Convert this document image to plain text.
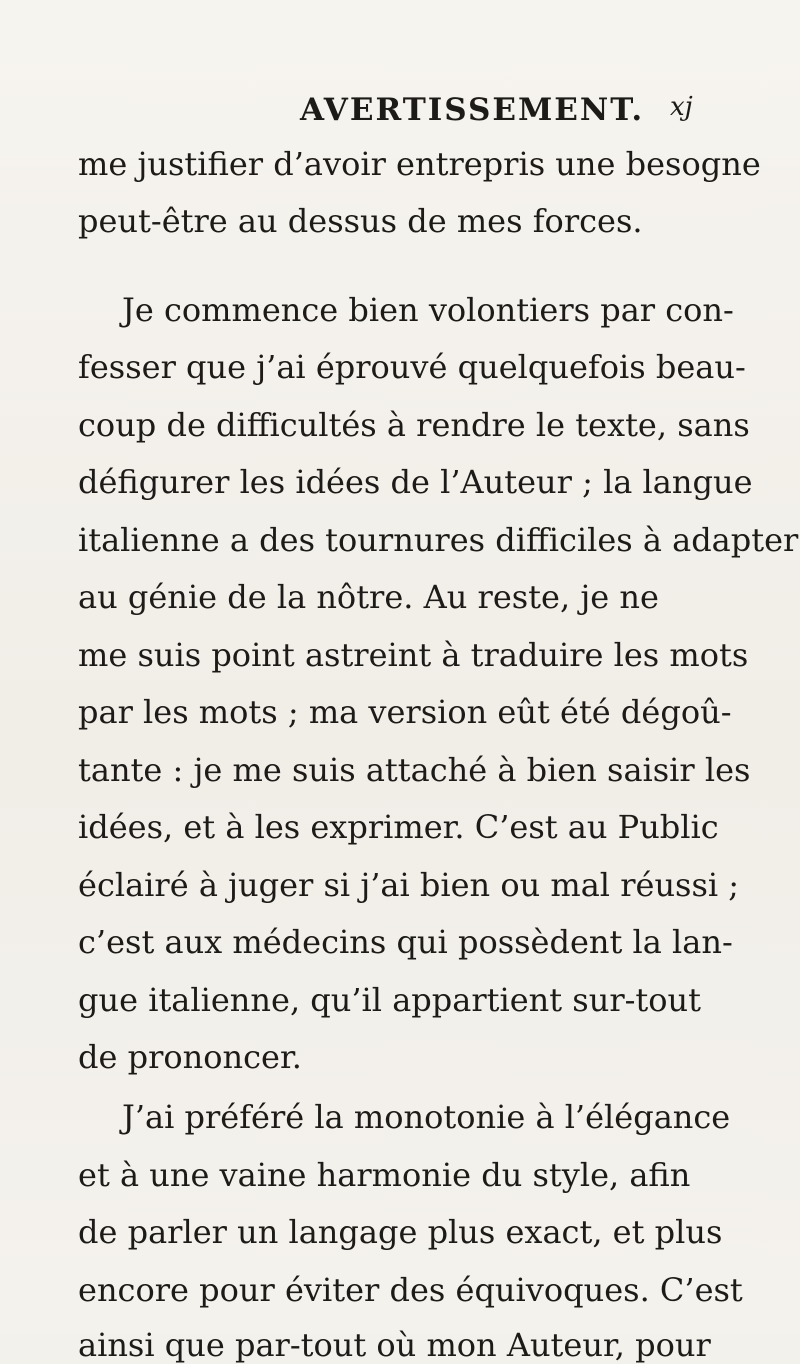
AVERTISSEMENT. xj
me justifier d’avoir entrepris une besogne
peut-être au dessus de mes forces.
Je commence bien volontiers par con-
fesser que j’ai éprouvé quelquefois beau-
coup de difficultés à rendre le texte, sans
défigurer les idées de l’Auteur ; la langue
italienne a des tournures difficiles à adapter
au génie de la nôtre. Au reste, je ne
me suis point astreint à traduire les mots
par les mots ; ma version eût été dégoû-
tante : je me suis attaché à bien saisir les
idées, et à les exprimer. C’est au Public
éclairé à juger si j’ai bien ou mal réussi ;
c’est aux médecins qui possèdent la lan-
gue italienne, qu’il appartient sur-tout
de prononcer.
J’ai préféré la monotonie à l’élégance
et à une vaine harmonie du style, afin
de parler un langage plus exact, et plus
encore pour éviter des équivoques. C’est
ainsi que par-tout où mon Auteur, pour
